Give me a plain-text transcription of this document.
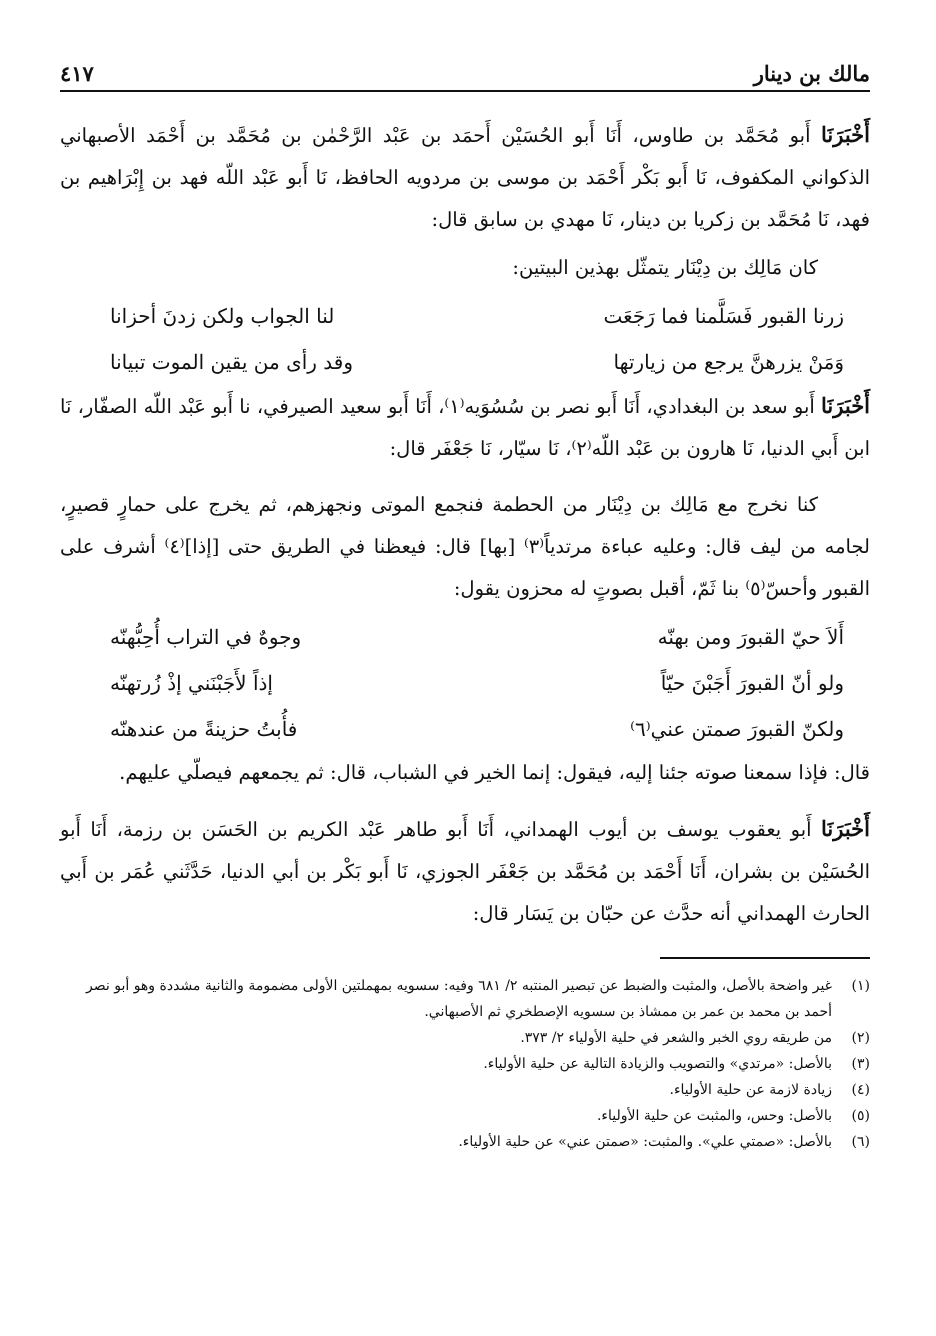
مالك بن دينار
٤١٧

أَخْبَرَنَا أَبو مُحَمَّد بن طاوس، أَنَا أَبو الحُسَيْن أَحمَد بن عَبْد الرَّحْمٰن بن مُحَمَّد بن أَحْمَد الأصبهاني الذكواني المكفوف، نَا أَبو بَكْر أَحْمَد بن موسى بن مردويه الحافظ، نَا أَبو عَبْد اللّه فهد بن إِبْرَاهيم بن فهد، نَا مُحَمَّد بن زكريا بن دينار، نَا مهدي بن سابق قال:

كان مَالِك بن دِيْنَار يتمثّل بهذين البيتين:

زرنا القبور فَسَلَّمنا فما رَجَعَت
لنا الجواب ولكن زدنَ أحزانا
وَمَنْ يزرهنَّ يرجع من زيارتها
وقد رأى من يقين الموت تبيانا

أَخْبَرَنَا أَبو سعد بن البغدادي، أَنَا أَبو نصر بن سُسُوَيه⁽١⁾، أَنَا أَبو سعيد الصيرفي، نا أَبو عَبْد اللّه الصفّار، نَا ابن أَبي الدنيا، نَا هارون بن عَبْد اللّه⁽٢⁾، نَا سيّار، نَا جَعْفَر قال:

كنا نخرج مع مَالِك بن دِيْنَار من الحطمة فنجمع الموتى ونجهزهم، ثم يخرج على حمارٍ قصيرٍ، لجامه من ليف قال: وعليه عباءة مرتدياً⁽٣⁾ [بها] قال: فيعظنا في الطريق حتى [إذا]⁽٤⁾ أشرف على القبور وأحسّ⁽٥⁾ بنا ثَمّ، أقبل بصوتٍ له محزون يقول:

أَلاَ حيّ القبورَ ومن بهنّه
وجوهٌ في التراب أُحِبُّهنّه
ولو أنّ القبورَ أَجَبْنَ حيّاً
إذاً لأَجَبْنَني إذْ زُرتهنّه
ولكنّ القبورَ صمتن عني⁽٦⁾
فأُبتُ حزينةً من عندهنّه

قال: فإذا سمعنا صوته جئنا إليه، فيقول: إنما الخير في الشباب، قال: ثم يجمعهم فيصلّي عليهم.

أَخْبَرَنَا أَبو يعقوب يوسف بن أيوب الهمداني، أَنَا أَبو طاهر عَبْد الكريم بن الحَسَن بن رزمة، أَنَا أَبو الحُسَيْن بن بشران، أَنَا أَحْمَد بن مُحَمَّد بن جَعْفَر الجوزي، نَا أَبو بَكْر بن أبي الدنيا، حَدَّثَني عُمَر بن أَبي الحارث الهمداني أنه حدَّث عن حبّان بن يَسَار قال:

(١)
غير واضحة بالأصل، والمثبت والضبط عن تبصير المنتبه ٢/ ٦٨١ وفيه: سسويه بمهملتين الأولى مضمومة والثانية مشددة وهو أبو نصر أحمد بن محمد بن عمر بن ممشاذ بن سسويه الإصطخري ثم الأصبهاني.
(٢)
من طريقه روي الخبر والشعر في حلية الأولياء ٢/ ٣٧٣.
(٣)
بالأصل: «مرتدي» والتصويب والزيادة التالية عن حلية الأولياء.
(٤)
زيادة لازمة عن حلية الأولياء.
(٥)
بالأصل: وحس، والمثبت عن حلية الأولياء.
(٦)
بالأصل: «صمتي علي». والمثبت: «صمتن عني» عن حلية الأولياء.
